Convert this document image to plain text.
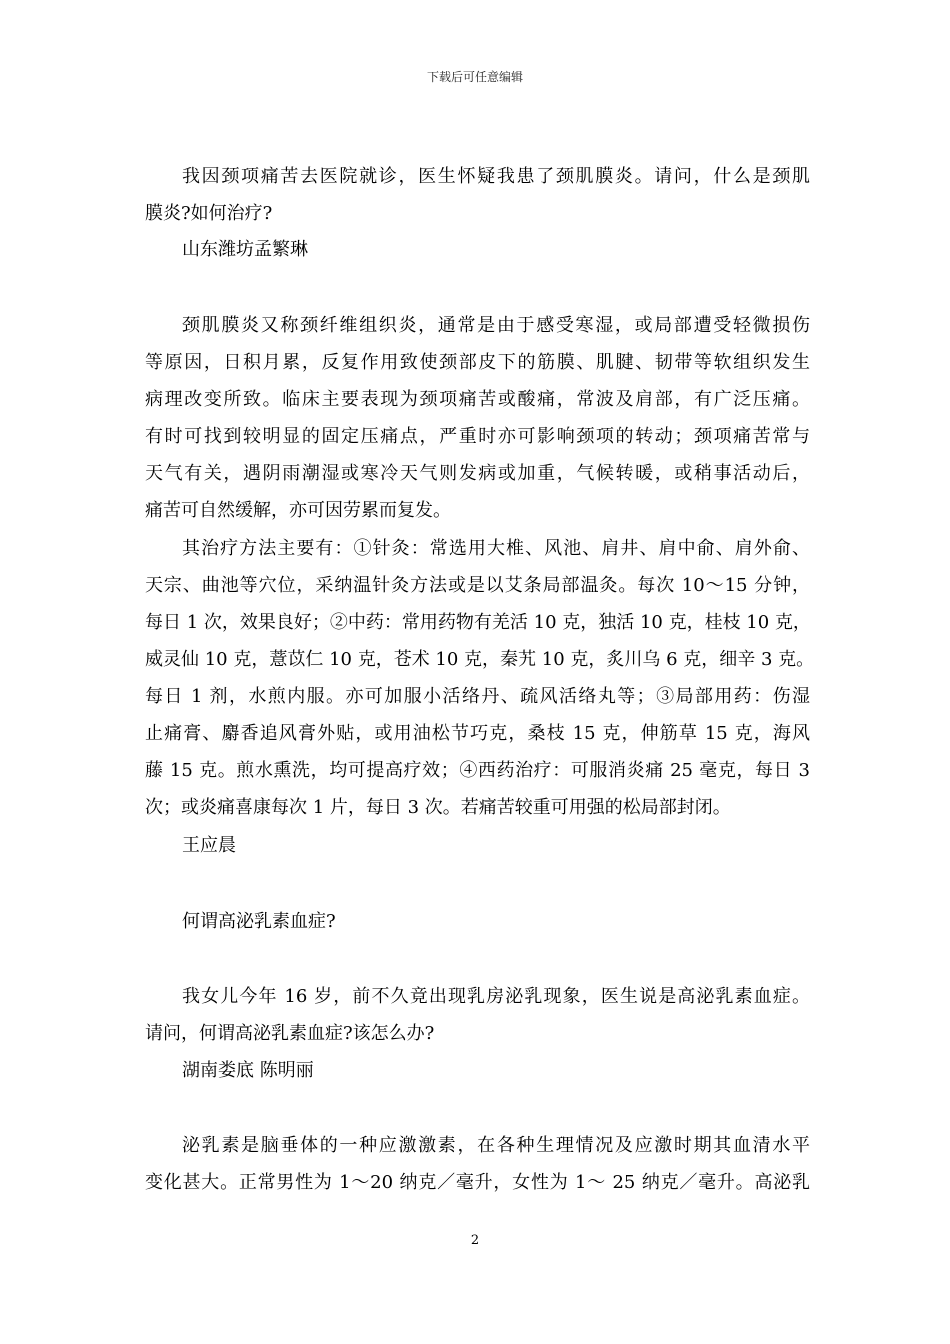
下载后可任意编辑
我因颈项痛苦去医院就诊，医生怀疑我患了颈肌膜炎。请问，什么是颈肌
膜炎?如何治疗?
山东潍坊孟繁琳
颈肌膜炎又称颈纤维组织炎，通常是由于感受寒湿，或局部遭受轻微损伤
等原因，日积月累，反复作用致使颈部皮下的筋膜、肌腱、韧带等软组织发生
病理改变所致。临床主要表现为颈项痛苦或酸痛，常波及肩部，有广泛压痛。
有时可找到较明显的固定压痛点，严重时亦可影响颈项的转动；颈项痛苦常与
天气有关，遇阴雨潮湿或寒冷天气则发病或加重，气候转暖，或稍事活动后，
痛苦可自然缓解，亦可因劳累而复发。
其治疗方法主要有：①针灸：常选用大椎、风池、肩井、肩中俞、肩外俞、
天宗、曲池等穴位，采纳温针灸方法或是以艾条局部温灸。每次 10～15 分钟，
每日 1 次，效果良好；②中药：常用药物有羌活 10 克，独活 10 克，桂枝 10 克，
威灵仙 10 克，薏苡仁 10 克，苍术 10 克，秦艽 10 克，炙川乌 6 克，细辛 3 克。
每日 1 剂，水煎内服。亦可加服小活络丹、疏风活络丸等；③局部用药：伤湿
止痛膏、麝香追风膏外贴，或用油松节巧克，桑枝 15 克，伸筋草 15 克，海风
藤 15 克。煎水熏洗，均可提高疗效；④西药治疗：可服消炎痛 25 毫克，每日 3
次；或炎痛喜康每次 1 片，每日 3 次。若痛苦较重可用强的松局部封闭。
王应晨
何谓高泌乳素血症?
我女儿今年 16 岁，前不久竟出现乳房泌乳现象，医生说是高泌乳素血症。
请问，何谓高泌乳素血症?该怎么办?
湖南娄底 陈明丽
泌乳素是脑垂体的一种应激激素，在各种生理情况及应激时期其血清水平
变化甚大。正常男性为 1～20 纳克／毫升，女性为 1～ 25 纳克／毫升。高泌乳
2
